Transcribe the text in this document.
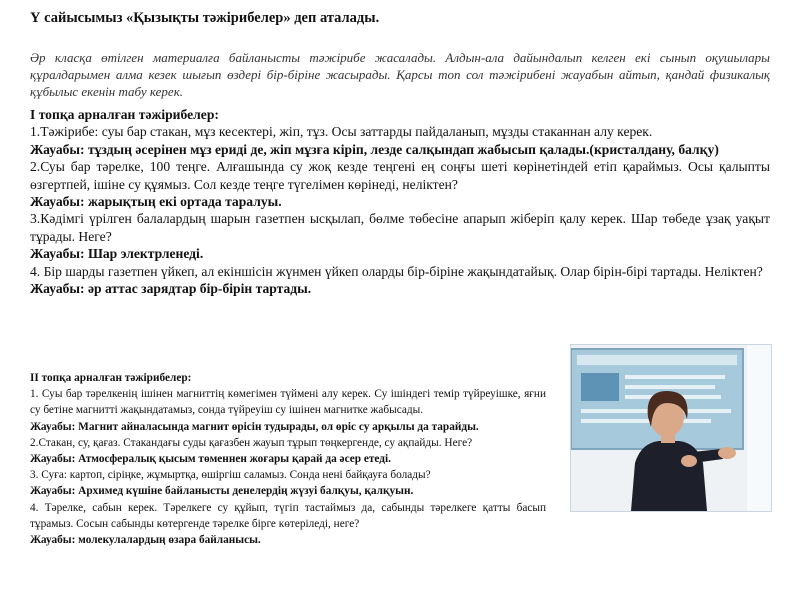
Ү сайысымыз «Қызықты тәжірибелер» деп аталады.

Әр класқа өтілген материалға байланысты тәжірибе жасалады. Алдын-ала дайындалып келген екі сынып оқушылары құралдарымен алма кезек шығып өздері бір-біріне жасырады. Қарсы топ сол тәжірибені жауабын айтып, қандай физикалық құбылыс екенін табу керек.

I топқа арналған тәжірибелер:
1.Тәжірибе: суы бар стакан, мұз кесектері, жіп, тұз. Осы заттарды пайдаланып, мұзды стаканнан алу керек.
Жауабы: тұздың әсерінен мұз ериді де, жіп мұзға кіріп, лезде салқындап жабысып қалады.(кристалдану, балқу)
2.Суы бар тәрелке, 100 теңге. Алғашында су жоқ кезде теңгені ең соңғы шеті көрінетіндей етіп қараймыз. Осы қалыпты өзгертпей, ішіне су құямыз. Сол кезде теңге түгелімен көрінеді, неліктен?
Жауабы: жарықтың екі ортада таралуы.
3.Кәдімгі үрілген балалардың шарын газетпен ысқылап, бөлме төбесіне апарып жіберіп қалу керек. Шар төбеде ұзақ уақыт тұрады. Неге?
Жауабы: Шар электрленеді.
4. Бір шарды газетпен үйкеп, ал екіншісін жүнмен үйкеп оларды бір-біріне жақындатайық. Олар бірін-бірі тартады. Неліктен?
Жауабы: әр аттас зарядтар бір-бірін тартады.
II топқа арналған тәжірибелер:
1. Суы бар тәрелкенің ішінен магниттің көмегімен түймені алу керек. Су ішіндегі темір түйреуішке, яғни су бетіне магнитті жақындатамыз, сонда түйреуіш су ішінен магнитке жабысады.
Жауабы: Магнит айналасында магнит өрісін тудырады, ол өріс су арқылы да тарайды.
2.Стакан, су, қағаз. Стакандағы суды қағазбен жауып тұрып төңкергенде, су ақпайды. Неге?
Жауабы: Атмосфералық қысым төменнен жоғары қарай да әсер етеді.
3. Суға: картоп, сіріңке, жұмыртқа, өшіргіш саламыз. Сонда нені байқауға болады?
Жауабы: Архимед күшіне байланысты денелердің жүзуі балқуы, қалқуын.
4. Тәрелке, сабын керек. Тәрелкеге су құйып, түгіп тастаймыз да, сабынды тәрелкеге қатты басып тұрамыз. Сосын сабынды көтергенде тәрелке бірге көтеріледі, неге?
Жауабы: молекулалардың өзара байланысы.
